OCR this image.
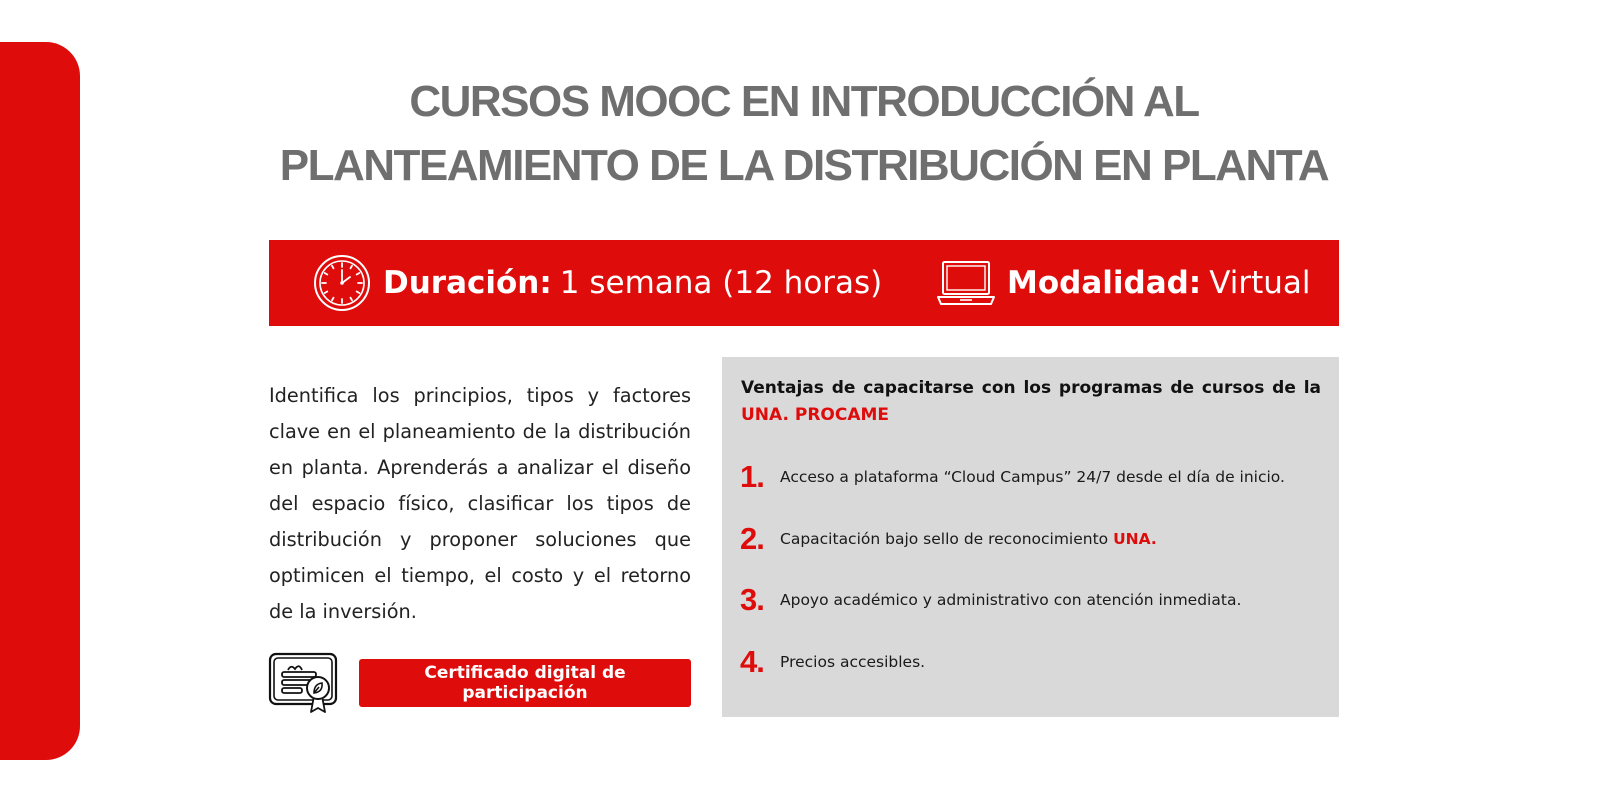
CURSOS MOOC EN INTRODUCCIÓN AL
PLANTEAMIENTO DE LA DISTRIBUCIÓN EN PLANTA
Duración: 1 semana (12 horas)	Modalidad: Virtual

Identifica los principios, tipos y factores clave en el planeamiento de la distribución en planta. Aprenderás a analizar el diseño del espacio físico, clasificar los tipos de distribución y proponer soluciones que optimicen el tiempo, el costo y el retorno de la inversión.

Certificado digital de participación

Ventajas de capacitarse con los programas de cursos de la UNA. PROCAME

1.	Acceso a plataforma “Cloud Campus” 24/7 desde el día de inicio.
2.	Capacitación bajo sello de reconocimiento UNA.
3.	Apoyo académico y administrativo con atención inmediata.
4.	Precios accesibles.
